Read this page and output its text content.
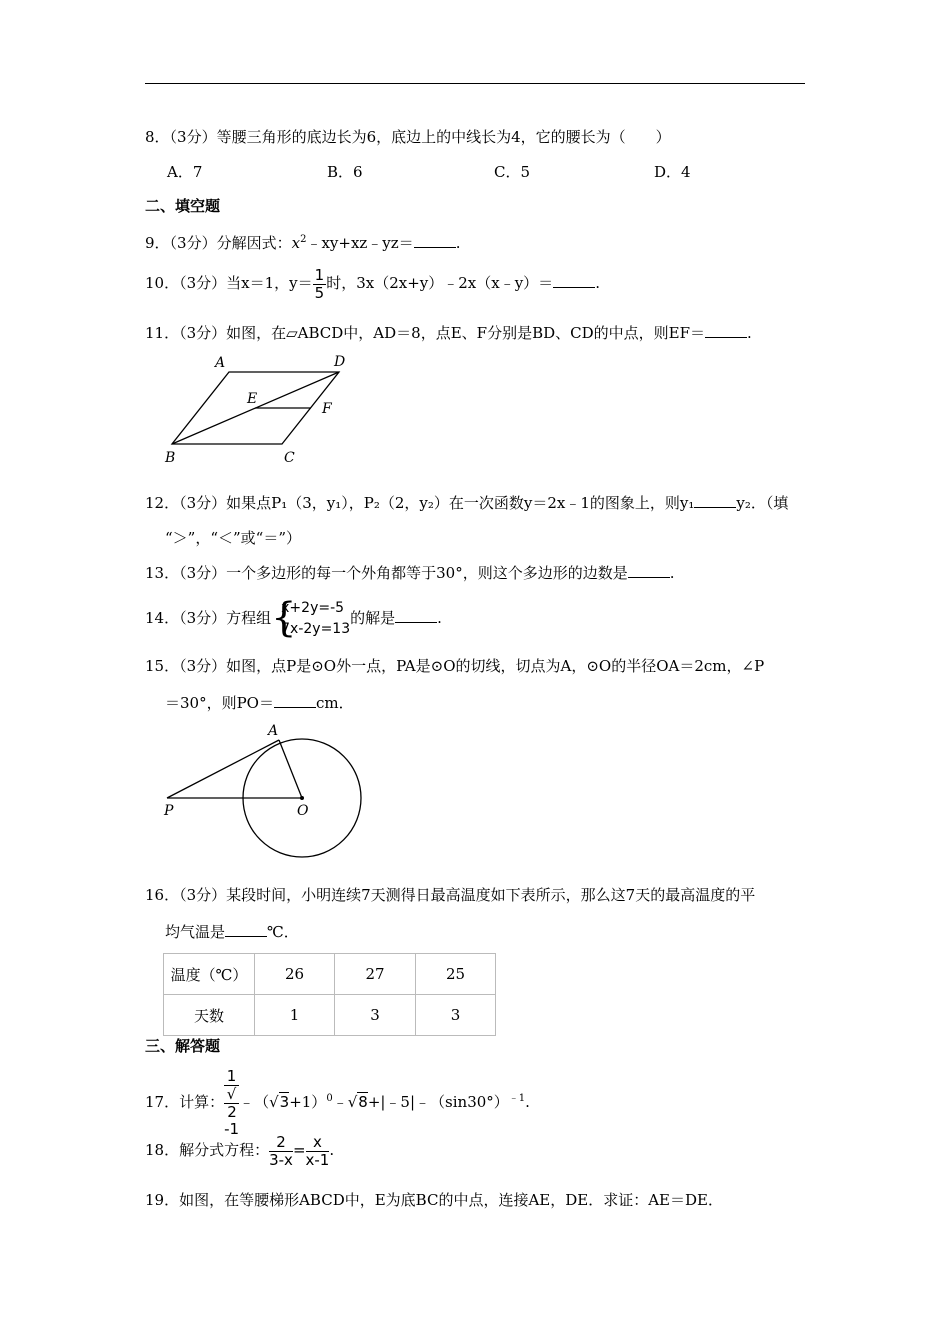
8．（3分）等腰三角形的底边长为6，底边上的中线长为4，它的腰长为（　　）
A．7	B．6	C．5	D．4
二、填空题
9．（3分）分解因式：$x^2﹣xy+xz﹣yz=$	.
10．（3分）当x＝1，$y= \frac{1}{5}$ 时，3x（2x+y）﹣2x（x﹣y）＝	.
11．（3分）如图，在▱ABCD中，AD＝8，点E、F分别是BD、CD的中点，则EF＝	.
A	D
E
F
B	C
12．（3分）如果点P₁（3，y₁），P₂（2，y₂）在一次函数y＝2x﹣1的图象上，则y₁	y₂．（填
“＞”，“＜”或“＝”）
13．（3分）一个多边形的每一个外角都等于30°，则这个多边形的边数是	.
14．（3分）方程组 {
x+2y=-5
7x-2y=13
的解是	.
15．（3分）如图，点P是⊙O外一点，PA是⊙O的切线，切点为A，⊙O的半径OA＝2cm，∠P
＝30°，则PO＝	cm．
A
P	O
16．（3分）某段时间，小明连续7天测得日最高温度如下表所示，那么这7天的最高温度的平
均气温是	℃．
温度（℃）	26	27	25
天数	1	3	3
三、解答题
17．计算： 1
√
2
-1 $﹣(√3+1)^0﹣√8+|﹣5|﹣(\sin 30^\circ)^{﹣1}$.
18．解分式方程： $\frac{2}{3-x} = \frac{x}{x-1}$ .
19．如图，在等腰梯形ABCD中，E为底BC的中点，连接AE，DE．求证：AE＝DE．
